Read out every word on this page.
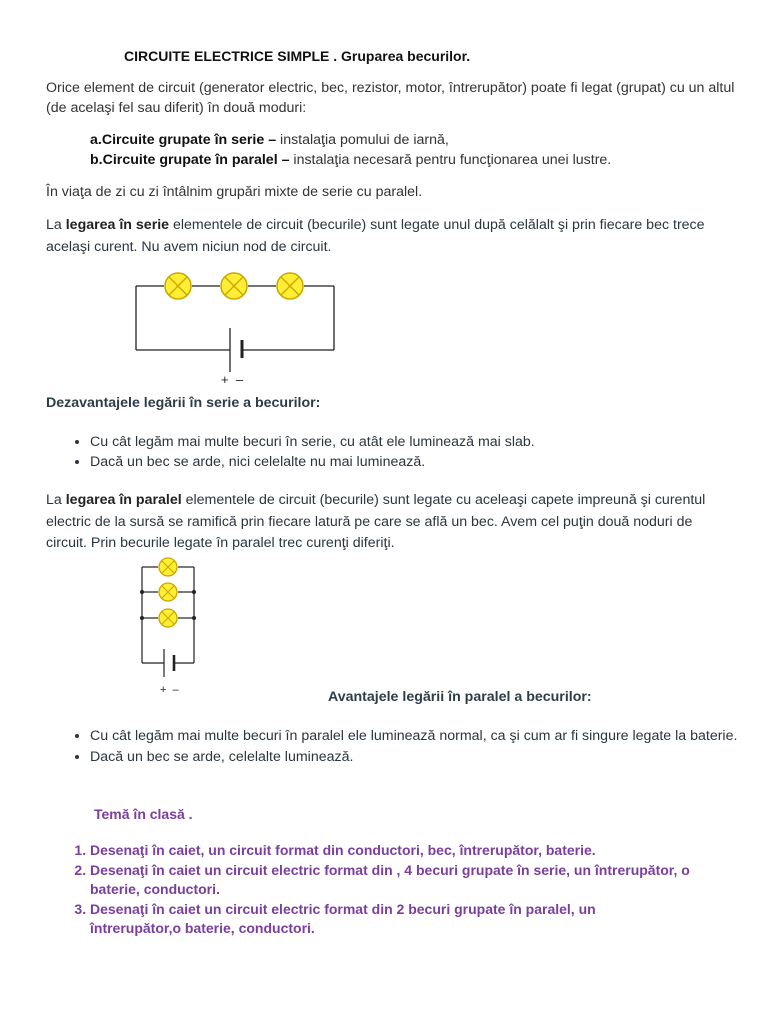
CIRCUITE ELECTRICE SIMPLE . Gruparea becurilor.
Orice element de circuit (generator electric, bec, rezistor, motor, întrerupător) poate fi legat (grupat) cu un altul (de acelaşi fel sau diferit) în două moduri:
a.Circuite grupate în serie – instalaţia pomului de iarnă,
b.Circuite grupate în paralel – instalaţia necesară pentru funcţionarea unei lustre.
În viaţa de zi cu zi întâlnim grupări mixte de serie cu paralel.
La legarea în serie elementele de circuit (becurile) sunt legate unul după celălalt şi prin fiecare bec trece acelaşi curent. Nu avem niciun nod de circuit.
+  –
Dezavantajele legării în serie a becurilor:
• Cu cât legăm mai multe becuri în serie, cu atât ele luminează mai slab.
• Dacă un bec se arde, nici celelalte nu mai luminează.
La legarea în paralel elementele de circuit (becurile) sunt legate cu aceleaşi capete impreună şi curentul electric de la sursă se ramifică prin fiecare latură pe care se află un bec. Avem cel puţin două noduri de circuit. Prin becurile legate în paralel trec curenţi diferiţi.
+  –	Avantajele legării în paralel a becurilor:
• Cu cât legăm mai multe becuri în paralel ele luminează normal, ca şi cum ar fi singure legate la baterie.
• Dacă un bec se arde, celelalte luminează.
Temă în clasă .
1. Desenaţi în caiet, un circuit format din conductori, bec, întrerupător, baterie.
2. Desenaţi în caiet un circuit electric format din , 4 becuri grupate în serie, un întrerupător, o baterie, conductori.
3. Desenaţi în caiet un circuit electric format din 2 becuri grupate în paralel, un întrerupător,o baterie, conductori.
